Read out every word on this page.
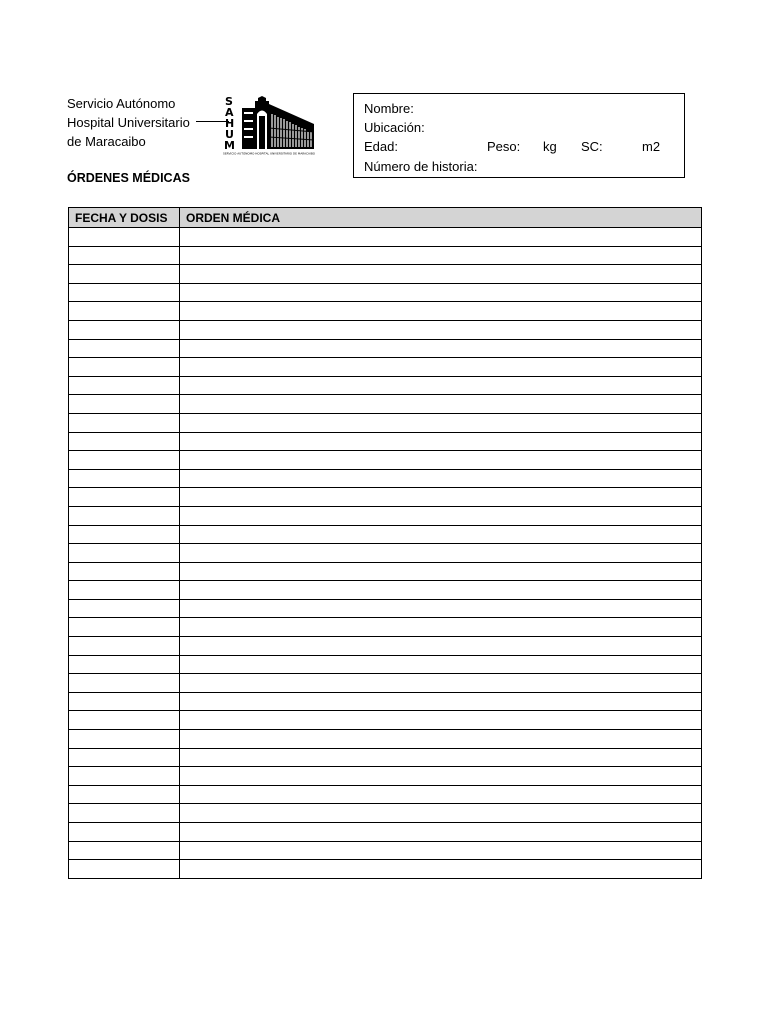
Servicio Autónomo
Hospital Universitario
de Maracaibo
S
A
H
U
M
SERVICIO AUTÓNOMO HOSPITAL UNIVERSITARIO DE MARACAIBO
ÓRDENES MÉDICAS
Nombre:
Ubicación:
Edad:	Peso: kg SC:	m2
Número de historia:
FECHA Y DOSIS	ORDEN MÉDICA
